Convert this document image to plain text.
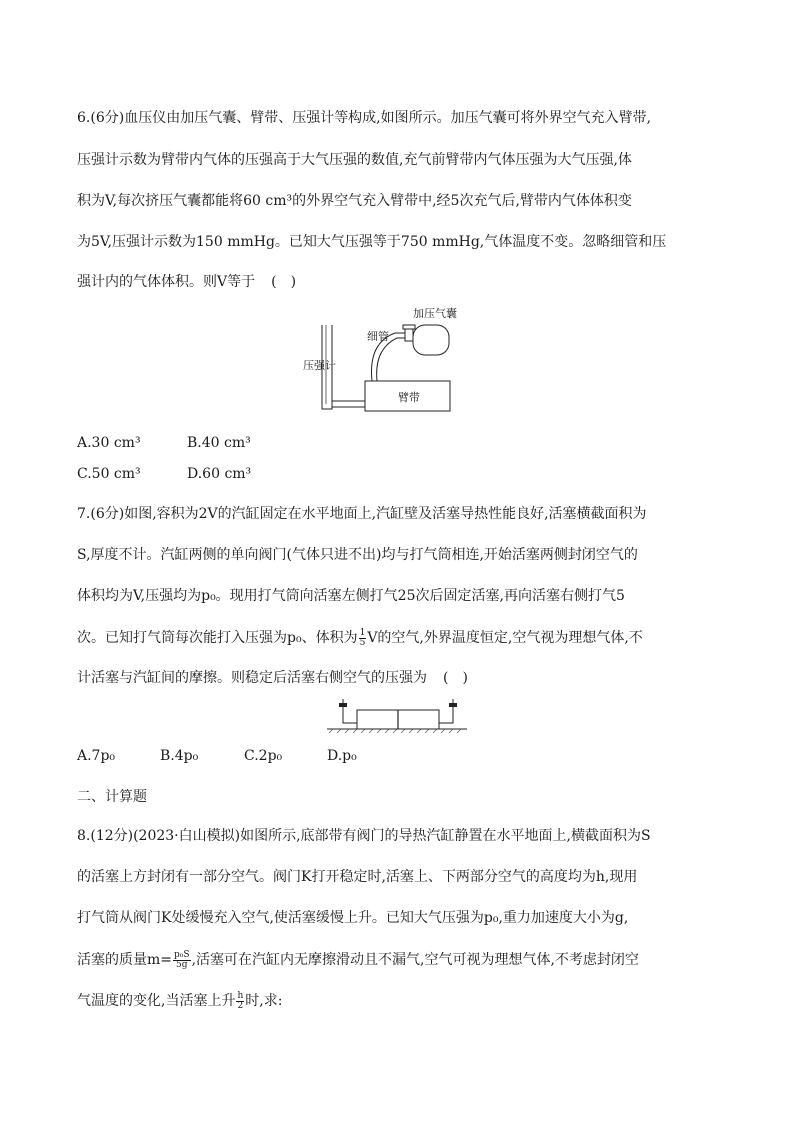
6.(6分)血压仪由加压气囊、臂带、压强计等构成,如图所示。加压气囊可将外界空气充入臂带,
压强计示数为臂带内气体的压强高于大气压强的数值,充气前臂带内气体压强为大气压强,体
积为V,每次挤压气囊都能将60 cm³的外界空气充入臂带中,经5次充气后,臂带内气体体积变
为5V,压强计示数为150 mmHg。已知大气压强等于750 mmHg,气体温度不变。忽略细管和压
强计内的气体体积。则V等于 ()
臂带
加压气囊
细管
压强计
A.30 cm³	B.40 cm³
C.50 cm³	D.60 cm³
7.(6分)如图,容积为2V的汽缸固定在水平地面上,汽缸壁及活塞导热性能良好,活塞横截面积为
S,厚度不计。汽缸两侧的单向阀门(气体只进不出)均与打气筒相连,开始活塞两侧封闭空气的
体积均为V,压强均为p₀。现用打气筒向活塞左侧打气25次后固定活塞,再向活塞右侧打气5
次。已知打气筒每次能打入压强为p₀、体积为 $\frac{1}{5}$ V的空气,外界温度恒定,空气视为理想气体,不
计活塞与汽缸间的摩擦。则稳定后活塞右侧空气的压强为 ()
A.7p₀	B.4p₀	C.2p₀	D.p₀
二、计算题
8.(12分)(2023·白山模拟)如图所示,底部带有阀门的导热汽缸静置在水平地面上,横截面积为S
的活塞上方封闭有一部分空气。阀门K打开稳定时,活塞上、下两部分空气的高度均为h,现用
打气筒从阀门K处缓慢充入空气,使活塞缓慢上升。已知大气压强为p₀,重力加速度大小为g,
活塞的质量$m= \frac{\text{p₀S}}{5g}$ ,活塞可在汽缸内无摩擦滑动且不漏气,空气可视为理想气体,不考虑封闭空
气温度的变化,当活塞上升 $\frac{h}{2}$ 时,求:
